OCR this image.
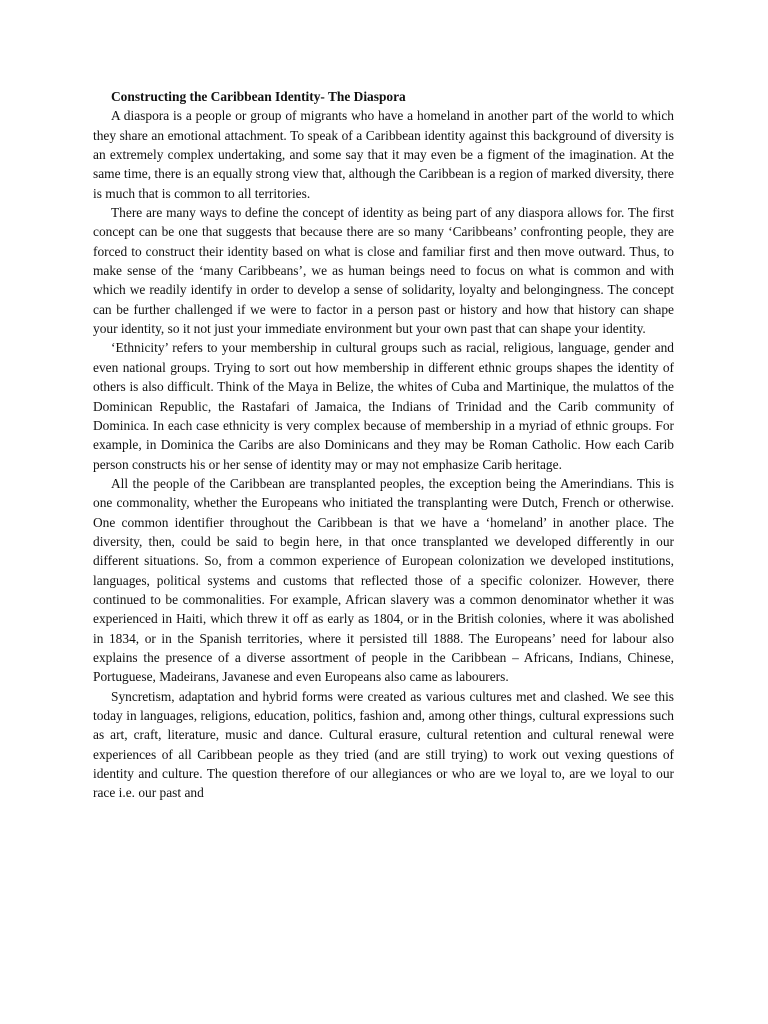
Constructing the Caribbean Identity- The Diaspora

A diaspora is a people or group of migrants who have a homeland in another part of the world to which they share an emotional attachment. To speak of a Caribbean identity against this background of diversity is an extremely complex undertaking, and some say that it may even be a figment of the imagination. At the same time, there is an equally strong view that, although the Caribbean is a region of marked diversity, there is much that is common to all territories.

There are many ways to define the concept of identity as being part of any diaspora allows for. The first concept can be one that suggests that because there are so many ‘Caribbeans’ confronting people, they are forced to construct their identity based on what is close and familiar first and then move outward. Thus, to make sense of the ‘many Caribbeans’, we as human beings need to focus on what is common and with which we readily identify in order to develop a sense of solidarity, loyalty and belongingness. The concept can be further challenged if we were to factor in a person past or history and how that history can shape your identity, so it not just your immediate environment but your own past that can shape your identity.

‘Ethnicity’ refers to your membership in cultural groups such as racial, religious, language, gender and even national groups. Trying to sort out how membership in different ethnic groups shapes the identity of others is also difficult. Think of the Maya in Belize, the whites of Cuba and Martinique, the mulattos of the Dominican Republic, the Rastafari of Jamaica, the Indians of Trinidad and the Carib community of Dominica. In each case ethnicity is very complex because of membership in a myriad of ethnic groups. For example, in Dominica the Caribs are also Dominicans and they may be Roman Catholic. How each Carib person constructs his or her sense of identity may or may not emphasize Carib heritage.

All the people of the Caribbean are transplanted peoples, the exception being the Amerindians. This is one commonality, whether the Europeans who initiated the transplanting were Dutch, French or otherwise. One common identifier throughout the Caribbean is that we have a ‘homeland’ in another place. The diversity, then, could be said to begin here, in that once transplanted we developed differently in our different situations. So, from a common experience of European colonization we developed institutions, languages, political systems and customs that reflected those of a specific colonizer. However, there continued to be commonalities. For example, African slavery was a common denominator whether it was experienced in Haiti, which threw it off as early as 1804, or in the British colonies, where it was abolished in 1834, or in the Spanish territories, where it persisted till 1888. The Europeans’ need for labour also explains the presence of a diverse assortment of people in the Caribbean – Africans, Indians, Chinese, Portuguese, Madeirans, Javanese and even Europeans also came as labourers.

Syncretism, adaptation and hybrid forms were created as various cultures met and clashed. We see this today in languages, religions, education, politics, fashion and, among other things, cultural expressions such as art, craft, literature, music and dance. Cultural erasure, cultural retention and cultural renewal were experiences of all Caribbean people as they tried (and are still trying) to work out vexing questions of identity and culture. The question therefore of our allegiances or who are we loyal to, are we loyal to our race i.e. our past and
